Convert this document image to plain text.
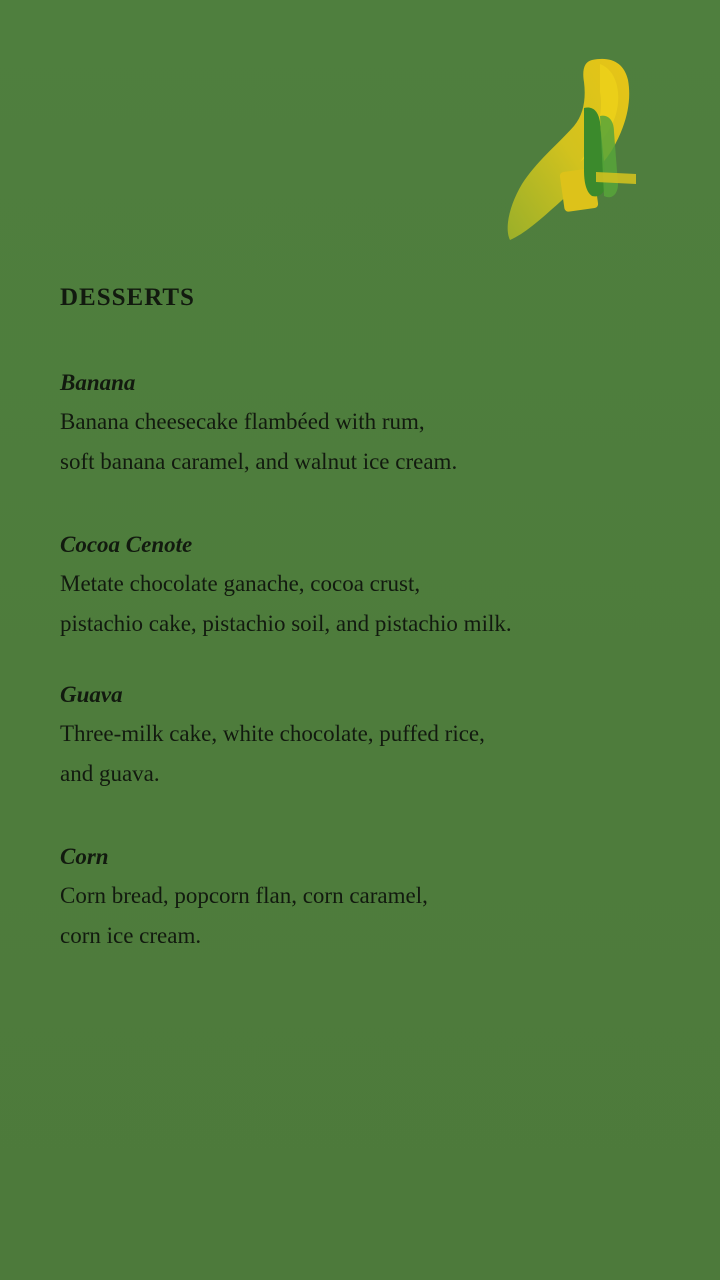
DESSERTS

Banana

Banana cheesecake flambéed with rum,

soft banana caramel, and walnut ice cream.

Cocoa Cenote

Metate chocolate ganache, cocoa crust,

pistachio cake, pistachio soil, and pistachio milk.

Guava

Three-milk cake, white chocolate, puffed rice,

and guava.

Corn

Corn bread, popcorn flan, corn caramel,

corn ice cream.
